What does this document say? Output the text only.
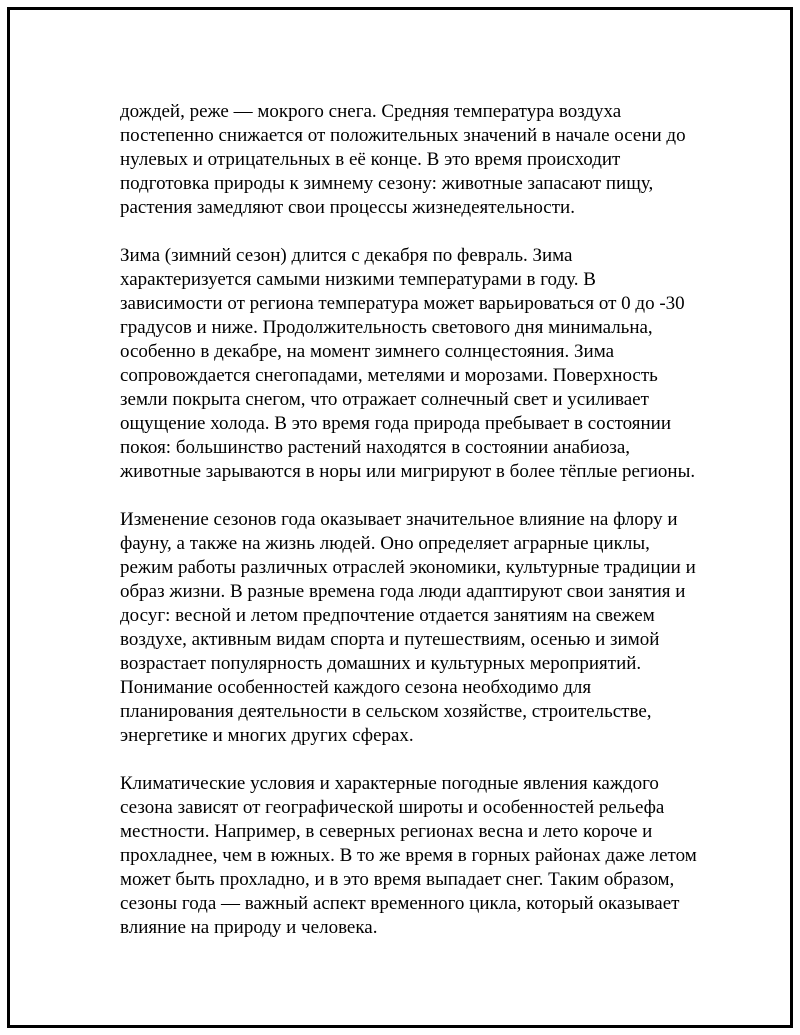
дождей, реже — мокрого снега. Средняя температура воздуха
постепенно снижается от положительных значений в начале осени до
нулевых и отрицательных в её конце. В это время происходит
подготовка природы к зимнему сезону: животные запасают пищу,
растения замедляют свои процессы жизнедеятельности.

Зима (зимний сезон) длится с декабря по февраль. Зима
характеризуется самыми низкими температурами в году. В
зависимости от региона температура может варьироваться от 0 до -30
градусов и ниже. Продолжительность светового дня минимальна,
особенно в декабре, на момент зимнего солнцестояния. Зима
сопровождается снегопадами, метелями и морозами. Поверхность
земли покрыта снегом, что отражает солнечный свет и усиливает
ощущение холода. В это время года природа пребывает в состоянии
покоя: большинство растений находятся в состоянии анабиоза,
животные зарываются в норы или мигрируют в более тёплые регионы.

Изменение сезонов года оказывает значительное влияние на флору и
фауну, а также на жизнь людей. Оно определяет аграрные циклы,
режим работы различных отраслей экономики, культурные традиции и
образ жизни. В разные времена года люди адаптируют свои занятия и
досуг: весной и летом предпочтение отдается занятиям на свежем
воздухе, активным видам спорта и путешествиям, осенью и зимой
возрастает популярность домашних и культурных мероприятий.
Понимание особенностей каждого сезона необходимо для
планирования деятельности в сельском хозяйстве, строительстве,
энергетике и многих других сферах.

Климатические условия и характерные погодные явления каждого
сезона зависят от географической широты и особенностей рельефа
местности. Например, в северных регионах весна и лето короче и
прохладнее, чем в южных. В то же время в горных районах даже летом
может быть прохладно, и в это время выпадает снег. Таким образом,
сезоны года — важный аспект временного цикла, который оказывает
влияние на природу и человека.
